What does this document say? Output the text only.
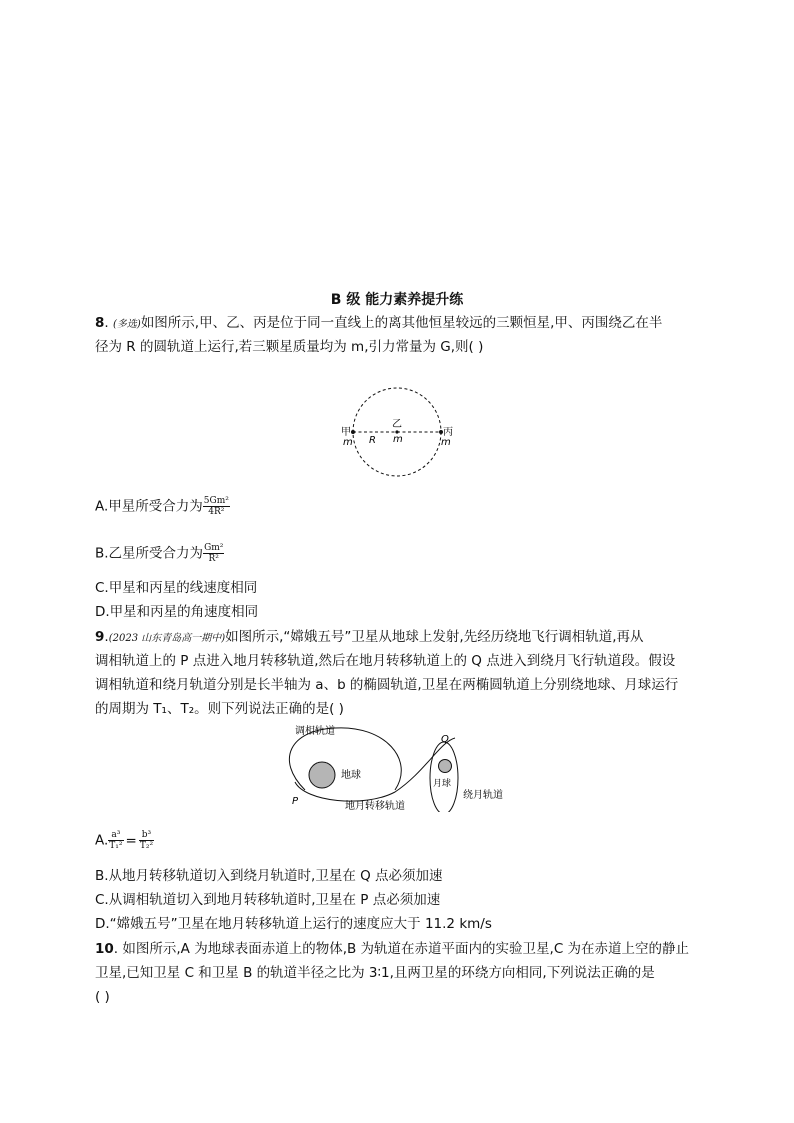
B 级 能力素养提升练
8. (多选)如图所示,甲、乙、丙是位于同一直线上的离其他恒星较远的三颗恒星,甲、丙围绕乙在半
径为 R 的圆轨道上运行,若三颗星质量均为 m,引力常量为 G,则( )
甲
乙
丙
m	m	m
R
A.甲星所受合力为 $\frac{\text{5Gm²}}{\text{4R²}}$
B.乙星所受合力为 $\frac{\text{Gm²}}{\text{R²}}$
C.甲星和丙星的线速度相同
D.甲星和丙星的角速度相同
9.(2023 山东青岛高一期中)如图所示,“嫦娥五号”卫星从地球上发射,先经历绕地飞行调相轨道,再从
调相轨道上的 P 点进入地月转移轨道,然后在地月转移轨道上的 Q 点进入到绕月飞行轨道段。假设
调相轨道和绕月轨道分别是长半轴为 a、b 的椭圆轨道,卫星在两椭圆轨道上分别绕地球、月球运行
的周期为 T₁、T₂。则下列说法正确的是( )
调相轨道
地球
月球
地月转移轨道
绕月轨道
P
Q
A. $\frac{\text{a³}}{\text{T₁²}} = \frac{\text{b³}}{\text{T₂²}}$
B.从地月转移轨道切入到绕月轨道时,卫星在 Q 点必须加速
C.从调相轨道切入到地月转移轨道时,卫星在 P 点必须加速
D.“嫦娥五号”卫星在地月转移轨道上运行的速度应大于 11.2 km/s
10. 如图所示,A 为地球表面赤道上的物体,B 为轨道在赤道平面内的实验卫星,C 为在赤道上空的静止
卫星,已知卫星 C 和卫星 B 的轨道半径之比为 3∶1,且两卫星的环绕方向相同,下列说法正确的是
( )
